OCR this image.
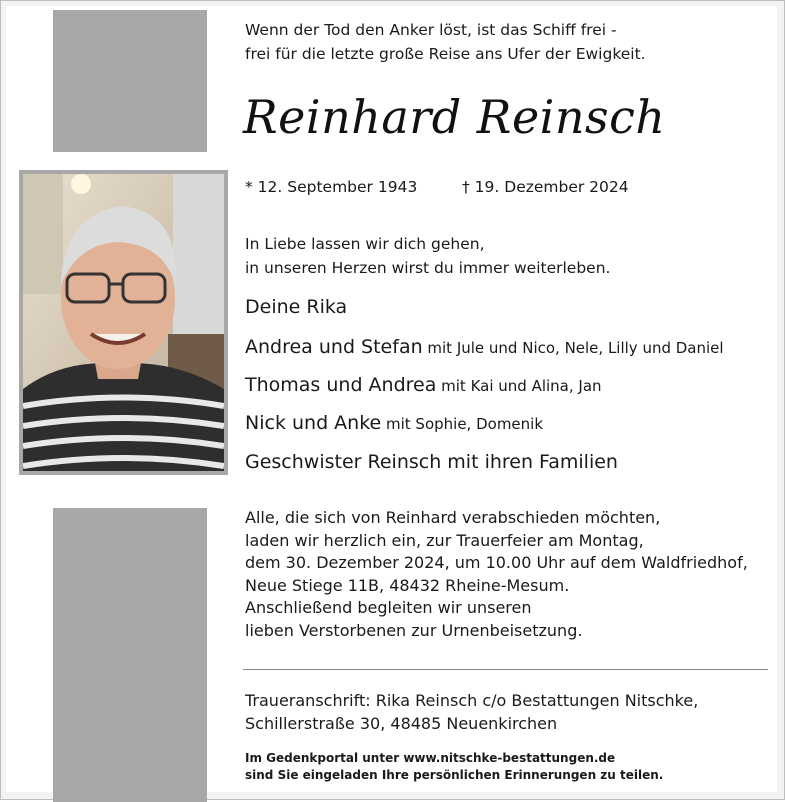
Wenn der Tod den Anker löst, ist das Schiff frei -
frei für die letzte große Reise ans Ufer der Ewigkeit.
Reinhard Reinsch
* 12. September 1943	† 19. Dezember 2024
In Liebe lassen wir dich gehen,
in unseren Herzen wirst du immer weiterleben.
Deine Rika
Andrea und Stefan mit Jule und Nico, Nele, Lilly und Daniel
Thomas und Andrea mit Kai und Alina, Jan
Nick und Anke mit Sophie, Domenik
Geschwister Reinsch mit ihren Familien
Alle, die sich von Reinhard verabschieden möchten,
laden wir herzlich ein, zur Trauerfeier am Montag,
dem 30. Dezember 2024, um 10.00 Uhr auf dem Waldfriedhof,
Neue Stiege 11B, 48432 Rheine-Mesum.
Anschließend begleiten wir unseren
lieben Verstorbenen zur Urnenbeisetzung.
Traueranschrift: Rika Reinsch c/o Bestattungen Nitschke,
Schillerstraße 30, 48485 Neuenkirchen
Im Gedenkportal unter www.nitschke-bestattungen.de
sind Sie eingeladen Ihre persönlichen Erinnerungen zu teilen.
